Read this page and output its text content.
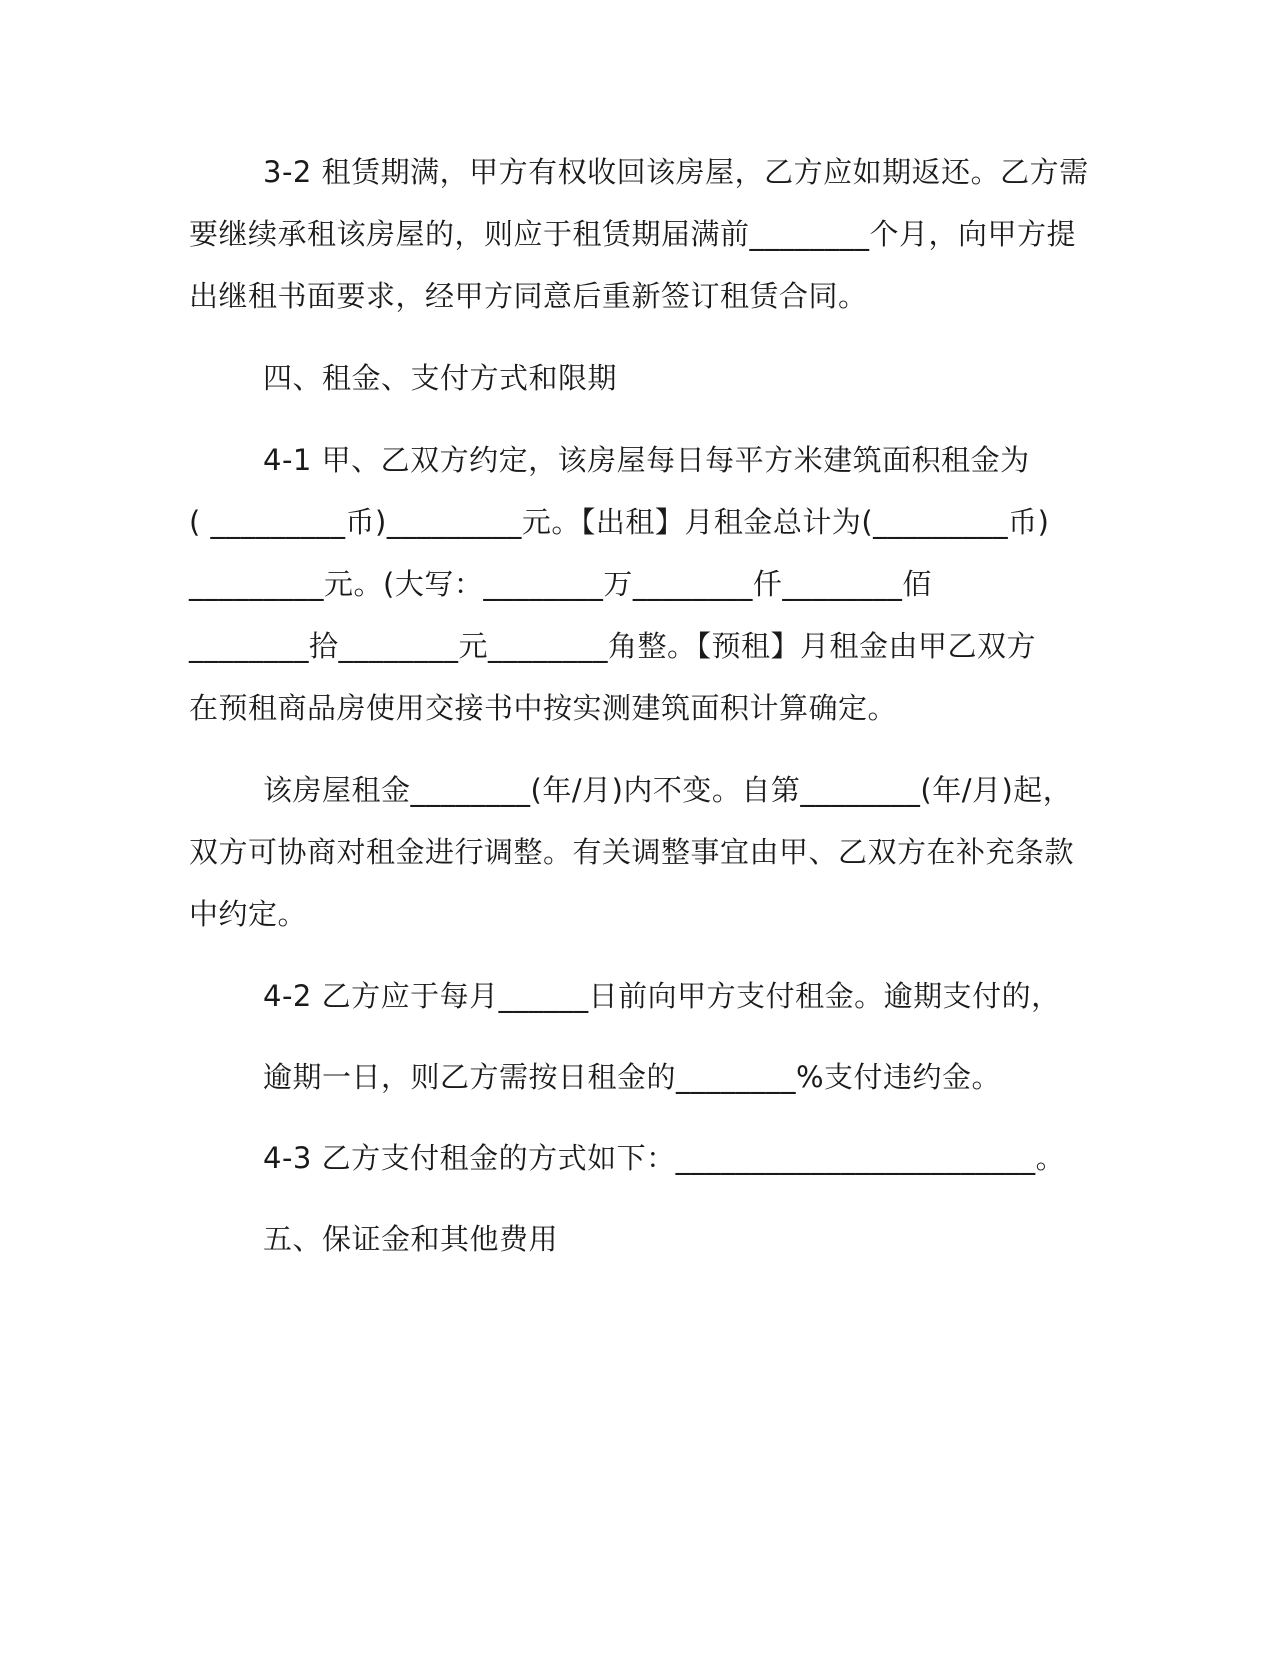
3-2 租赁期满，甲方有权收回该房屋，乙方应如期返还。乙方需
要继续承租该房屋的，则应于租赁期届满前________个月，向甲方提
出继租书面要求，经甲方同意后重新签订租赁合同。
四、租金、支付方式和限期
4-1 甲、乙双方约定，该房屋每日每平方米建筑面积租金为
( _________币)_________元。【出租】月租金总计为(_________币)
_________元。(大写：________万________仟________佰
________拾________元________角整。【预租】月租金由甲乙双方
在预租商品房使用交接书中按实测建筑面积计算确定。
该房屋租金________(年/月)内不变。自第________(年/月)起，
双方可协商对租金进行调整。有关调整事宜由甲、乙双方在补充条款
中约定。
4-2 乙方应于每月______日前向甲方支付租金。逾期支付的，
逾期一日，则乙方需按日租金的________%支付违约金。
4-3 乙方支付租金的方式如下：________________________。
五、保证金和其他费用
